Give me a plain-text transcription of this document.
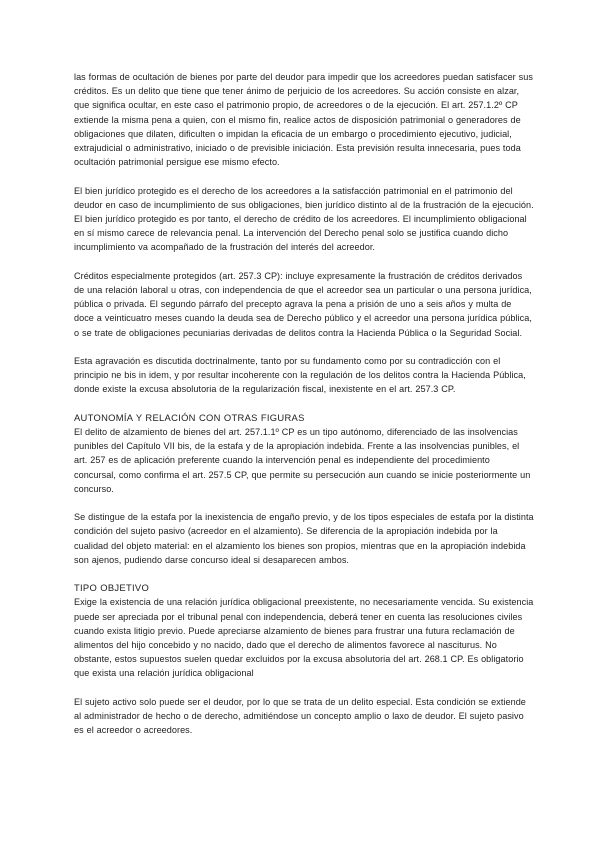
las formas de ocultación de bienes por parte del deudor para impedir que los acreedores puedan satisfacer sus créditos. Es un delito que tiene que tener ánimo de perjuicio de los acreedores. Su acción consiste en alzar, que significa ocultar, en este caso el patrimonio propio, de acreedores o de la ejecución. El art. 257.1.2º CP extiende la misma pena a quien, con el mismo fin, realice actos de disposición patrimonial o generadores de obligaciones que dilaten, dificulten o impidan la eficacia de un embargo o procedimiento ejecutivo, judicial, extrajudicial o administrativo, iniciado o de previsible iniciación. Esta previsión resulta innecesaria, pues toda ocultación patrimonial persigue ese mismo efecto.

El bien jurídico protegido es el derecho de los acreedores a la satisfacción patrimonial en el patrimonio del deudor en caso de incumplimiento de sus obligaciones, bien jurídico distinto al de la frustración de la ejecución. El bien jurídico protegido es por tanto, el derecho de crédito de los acreedores. El incumplimiento obligacional en sí mismo carece de relevancia penal. La intervención del Derecho penal solo se justifica cuando dicho incumplimiento va acompañado de la frustración del interés del acreedor.

Créditos especialmente protegidos (art. 257.3 CP): incluye expresamente la frustración de créditos derivados de una relación laboral u otras, con independencia de que el acreedor sea un particular o una persona jurídica, pública o privada. El segundo párrafo del precepto agrava la pena a prisión de uno a seis años y multa de doce a veinticuatro meses cuando la deuda sea de Derecho público y el acreedor una persona jurídica pública, o se trate de obligaciones pecuniarias derivadas de delitos contra la Hacienda Pública o la Seguridad Social.

Esta agravación es discutida doctrinalmente, tanto por su fundamento como por su contradicción con el principio ne bis in idem, y por resultar incoherente con la regulación de los delitos contra la Hacienda Pública, donde existe la excusa absolutoria de la regularización fiscal, inexistente en el art. 257.3 CP.

AUTONOMÍA Y RELACIÓN CON OTRAS FIGURAS

El delito de alzamiento de bienes del art. 257.1.1º CP es un tipo autónomo, diferenciado de las insolvencias punibles del Capítulo VII bis, de la estafa y de la apropiación indebida. Frente a las insolvencias punibles, el art. 257 es de aplicación preferente cuando la intervención penal es independiente del procedimiento concursal, como confirma el art. 257.5 CP, que permite su persecución aun cuando se inicie posteriormente un concurso.

Se distingue de la estafa por la inexistencia de engaño previo, y de los tipos especiales de estafa por la distinta condición del sujeto pasivo (acreedor en el alzamiento). Se diferencia de la apropiación indebida por la cualidad del objeto material: en el alzamiento los bienes son propios, mientras que en la apropiación indebida son ajenos, pudiendo darse concurso ideal si desaparecen ambos.

TIPO OBJETIVO

Exige la existencia de una relación jurídica obligacional preexistente, no necesariamente vencida. Su existencia puede ser apreciada por el tribunal penal con independencia, deberá tener en cuenta las resoluciones civiles cuando exista litigio previo. Puede apreciarse alzamiento de bienes para frustrar una futura reclamación de alimentos del hijo concebido y no nacido, dado que el derecho de alimentos favorece al nasciturus. No obstante, estos supuestos suelen quedar excluidos por la excusa absolutoria del art. 268.1 CP. Es obligatorio que exista una relación jurídica obligacional

El sujeto activo solo puede ser el deudor, por lo que se trata de un delito especial. Esta condición se extiende al administrador de hecho o de derecho, admitiéndose un concepto amplio o laxo de deudor. El sujeto pasivo es el acreedor o acreedores.
